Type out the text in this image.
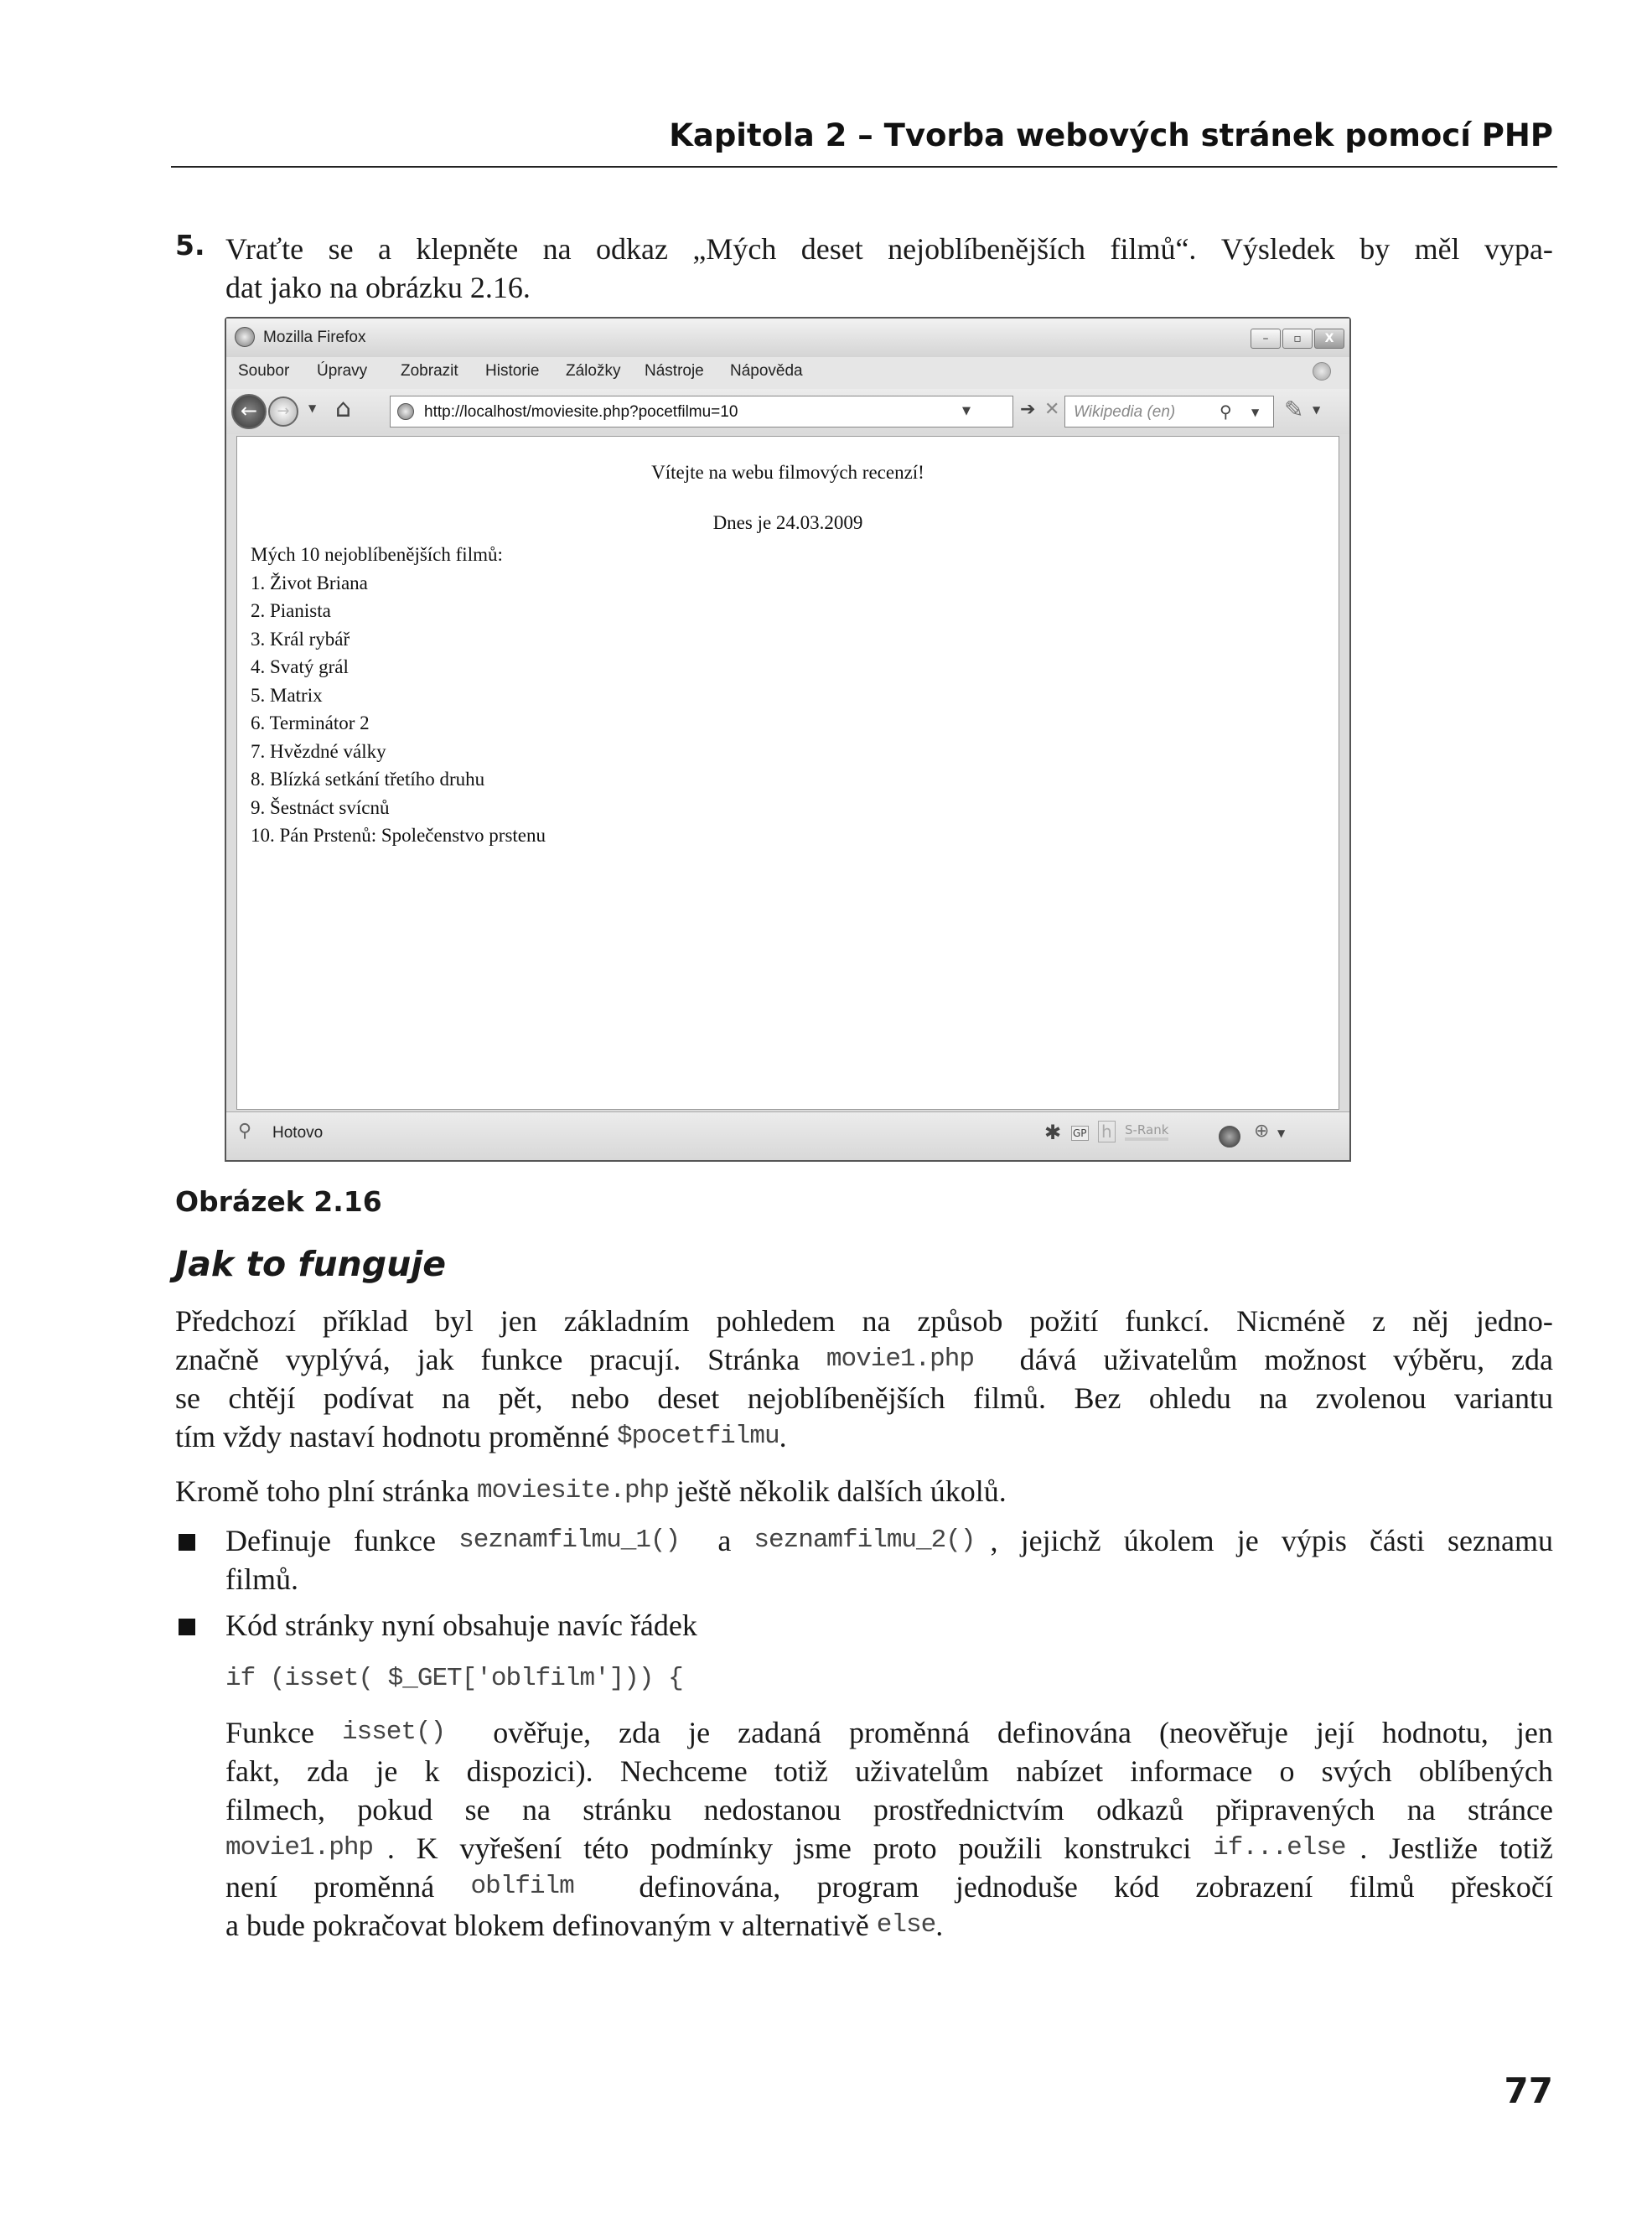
Kapitola 2 – Tvorba webových stránek pomocí PHP
5. Vraťte se a klepněte na odkaz „Mých deset nejoblíbenějších filmů“. Výsledek by měl vypa-
dat jako na obrázku 2.16.
Mozilla Firefox	–	▫	X
Soubor Úpravy Zobrazit Historie Záložky Nástroje Nápověda
←	→	▼ ⌂	http://localhost/moviesite.php?pocetfilmu=10	▼	➔ ✕ Wikipedia (en)	⚲ ▼ ✎ ▼
Vítejte na webu filmových recenzí!
Dnes je 24.03.2009
Mých 10 nejoblíbenějších filmů:
1. Život Briana
2. Pianista
3. Král rybář
4. Svatý grál
5. Matrix
6. Terminátor 2
7. Hvězdné války
8. Blízká setkání třetího druhu
9. Šestnáct svícnů
10. Pán Prstenů: Společenstvo prstenu
⚲ Hotovo	✱ GP h S-Rank	⊕ ▼
Obrázek 2.16
Jak to funguje
Předchozí příklad byl jen základním pohledem na způsob požití funkcí. Nicméně z něj jedno-
značně vyplývá, jak funkce pracují. Stránka movie1.php
dává uživatelům možnost výběru, zda
se chtějí podívat na pět, nebo deset nejoblíbenějších filmů. Bez ohledu na zvolenou variantu
tím vždy nastaví hodnotu proměnné $pocetfilmu .
Kromě toho plní stránka moviesite.php
ještě několik dalších úkolů.
Definuje funkce seznamfilmu_1()
a seznamfilmu_2() , jejichž úkolem je výpis části seznamu
filmů.
Kód stránky nyní obsahuje navíc řádek
if (isset( $_GET['oblfilm'])) {
Funkce isset()
ověřuje, zda je zadaná proměnná definována (neověřuje její hodnotu, jen
fakt, zda je k dispozici). Nechceme totiž uživatelům nabízet informace o svých oblíbených
filmech, pokud se na stránku nedostanou prostřednictvím odkazů připravených na stránce
movie1.php . K vyřešení této podmínky jsme proto použili konstrukci if...else . Jestliže totiž
není proměnná oblfilm
definována, program jednoduše kód zobrazení filmů přeskočí
a bude pokračovat blokem definovaným v alternativě else .
77
